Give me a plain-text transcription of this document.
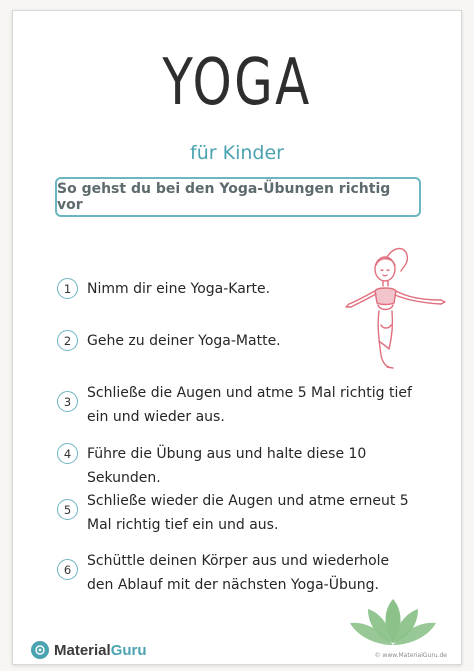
YOGA
für Kinder
So gehst du bei den Yoga-Übungen richtig vor
1	Nimm dir eine Yoga-Karte.
2	Gehe zu deiner Yoga-Matte.
3
Schließe die Augen und atme 5 Mal richtig tief ein und wieder aus.
4	Führe die Übung aus und halte diese 10 Sekunden.
5
Schließe wieder die Augen und atme erneut 5 Mal richtig tief ein und aus.
6
Schüttle deinen Körper aus und wiederhole den Ablauf mit der nächsten Yoga-Übung.
MaterialGuru	© www.MaterialGuru.de
